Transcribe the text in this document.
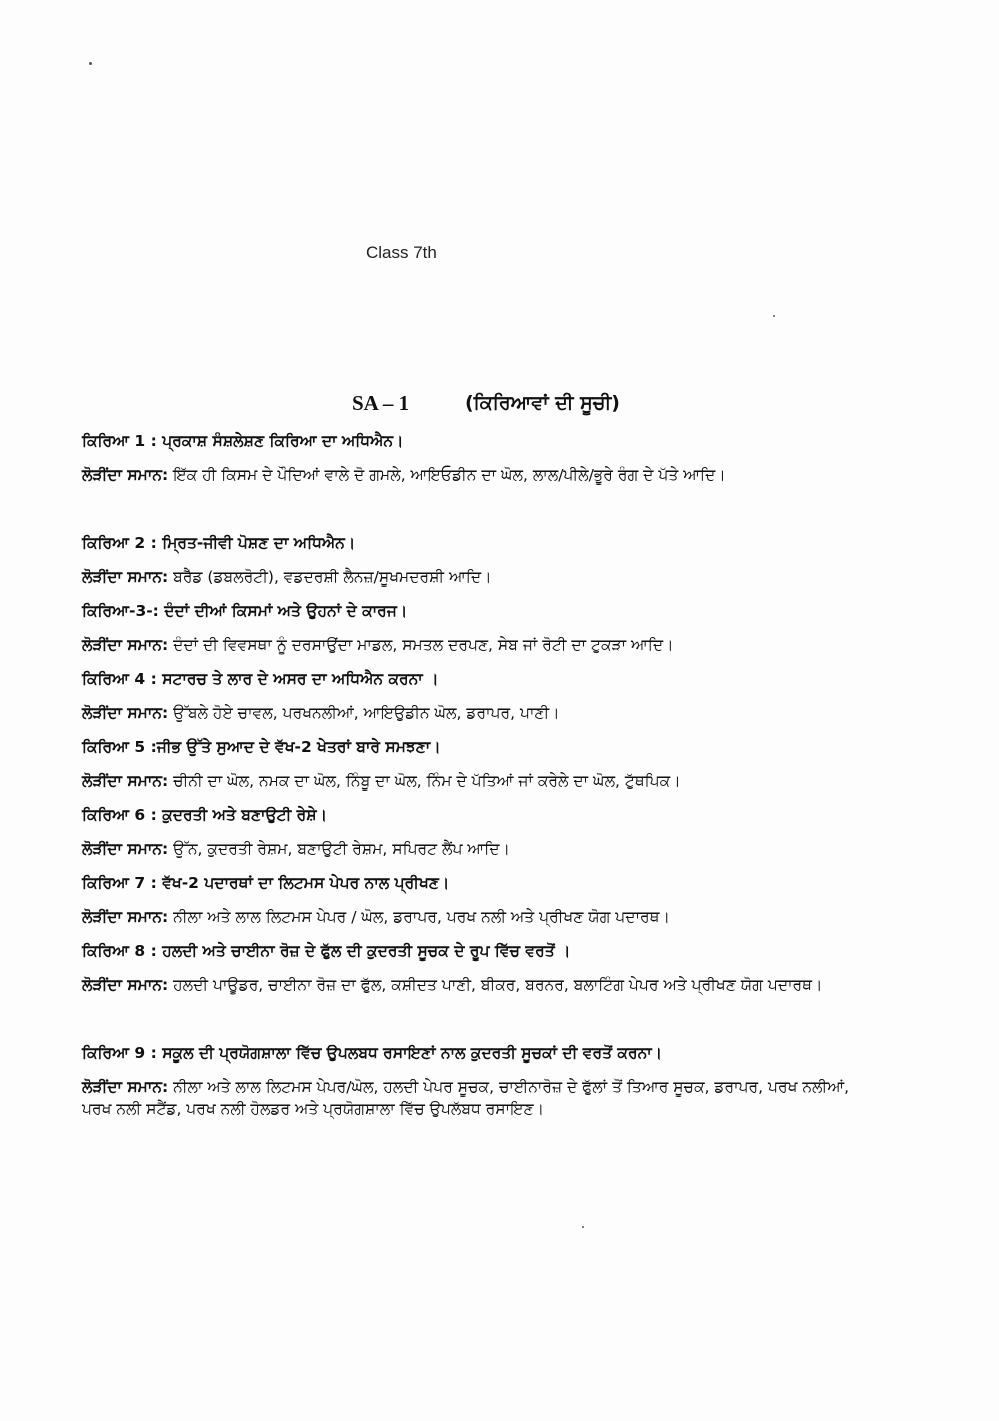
Class 7th
SA – 1	(ਕਿਰਿਆਵਾਂ ਦੀ ਸੂਚੀ)

ਕਿਰਿਆ 1 : ਪ੍ਰਕਾਸ਼ ਸੰਸ਼ਲੇਸ਼ਣ ਕਿਰਿਆ ਦਾ ਅਧਿਐਨ।

ਲੋੜੀਂਦਾ ਸਮਾਨ: ਇੱਕ ਹੀ ਕਿਸਮ ਦੇ ਪੌਦਿਆਂ ਵਾਲੇ ਦੋ ਗਮਲੇ, ਆਇਓਡੀਨ ਦਾ ਘੋਲ, ਲਾਲ/ਪੀਲੇ/ਭੂਰੇ ਰੰਗ ਦੇ ਪੱਤੇ ਆਦਿ।

ਕਿਰਿਆ 2 : ਮ੍ਰਿਤ-ਜੀਵੀ ਪੋਸ਼ਣ ਦਾ ਅਧਿਐਨ।

ਲੋੜੀਂਦਾ ਸਮਾਨ: ਬਰੈੱਡ (ਡਬਲਰੋਟੀ), ਵਡਦਰਸ਼ੀ ਲੈਨਜ਼/ਸੂਖਮਦਰਸ਼ੀ ਆਦਿ।

ਕਿਰਿਆ-3-: ਦੰਦਾਂ ਦੀਆਂ ਕਿਸਮਾਂ ਅਤੇ ਉਹਨਾਂ ਦੇ ਕਾਰਜ।

ਲੋੜੀਂਦਾ ਸਮਾਨ: ਦੰਦਾਂ ਦੀ ਵਿਵਸਥਾ ਨੂੰ ਦਰਸਾਉਂਦਾ ਮਾਡਲ, ਸਮਤਲ ਦਰਪਣ, ਸੇਬ ਜਾਂ ਰੋਟੀ ਦਾ ਟੁਕੜਾ ਆਦਿ।

ਕਿਰਿਆ 4 : ਸਟਾਰਚ ਤੇ ਲਾਰ ਦੇ ਅਸਰ ਦਾ ਅਧਿਐਨ ਕਰਨਾ ।

ਲੋੜੀਂਦਾ ਸਮਾਨ: ਉੱਬਲੇ ਹੋਏ ਚਾਵਲ, ਪਰਖਨਲੀਆਂ, ਆਇਉਡੀਨ ਘੋਲ, ਡਰਾਪਰ, ਪਾਣੀ।

ਕਿਰਿਆ 5 :ਜੀਭ ਉੱਤੇ ਸੁਆਦ ਦੇ ਵੱਖ-2 ਖੇਤਰਾਂ ਬਾਰੇ ਸਮਝਣਾ।

ਲੋੜੀਂਦਾ ਸਮਾਨ: ਚੀਨੀ ਦਾ ਘੋਲ, ਨਮਕ ਦਾ ਘੋਲ, ਨਿੰਬੂ ਦਾ ਘੋਲ, ਨਿੰਮ ਦੇ ਪੱਤਿਆਂ ਜਾਂ ਕਰੇਲੇ ਦਾ ਘੋਲ, ਟੁੱਥਪਿਕ।

ਕਿਰਿਆ 6 : ਕੁਦਰਤੀ ਅਤੇ ਬਣਾਉਟੀ ਰੇਸ਼ੇ।

ਲੋੜੀਂਦਾ ਸਮਾਨ: ਉੱਨ, ਕੁਦਰਤੀ ਰੇਸ਼ਮ, ਬਣਾਉਟੀ ਰੇਸ਼ਮ, ਸਪਿਰਟ ਲੈਂਪ ਆਦਿ।

ਕਿਰਿਆ 7 : ਵੱਖ-2 ਪਦਾਰਥਾਂ ਦਾ ਲਿਟਮਸ ਪੇਪਰ ਨਾਲ ਪ੍ਰੀਖਣ।

ਲੋੜੀਂਦਾ ਸਮਾਨ: ਨੀਲਾ ਅਤੇ ਲਾਲ ਲਿਟਮਸ ਪੇਪਰ / ਘੋਲ, ਡਰਾਪਰ, ਪਰਖ ਨਲੀ ਅਤੇ ਪ੍ਰੀਖਣ ਯੋਗ ਪਦਾਰਥ।

ਕਿਰਿਆ 8 : ਹਲਦੀ ਅਤੇ ਚਾਈਨਾ ਰੋਜ਼ ਦੇ ਫੁੱਲ ਦੀ ਕੁਦਰਤੀ ਸੂਚਕ ਦੇ ਰੂਪ ਵਿੱਚ ਵਰਤੋਂ ।

ਲੋੜੀਂਦਾ ਸਮਾਨ: ਹਲਦੀ ਪਾਊਡਰ, ਚਾਈਨਾ ਰੋਜ਼ ਦਾ ਫੁੱਲ, ਕਸ਼ੀਦਤ ਪਾਣੀ, ਬੀਕਰ, ਬਰਨਰ, ਬਲਾਟਿੰਗ ਪੇਪਰ ਅਤੇ ਪ੍ਰੀਖਣ ਯੋਗ ਪਦਾਰਥ।

ਕਿਰਿਆ 9 : ਸਕੂਲ ਦੀ ਪ੍ਰਯੋਗਸ਼ਾਲਾ ਵਿੱਚ ਉਪਲਬਧ ਰਸਾਇਣਾਂ ਨਾਲ ਕੁਦਰਤੀ ਸੂਚਕਾਂ ਦੀ ਵਰਤੋਂ ਕਰਨਾ।

ਲੋੜੀਂਦਾ ਸਮਾਨ: ਨੀਲਾ ਅਤੇ ਲਾਲ ਲਿਟਮਸ ਪੇਪਰ/ਘੋਲ, ਹਲਦੀ ਪੇਪਰ ਸੂਚਕ, ਚਾਈਨਾਰੋਜ਼ ਦੇ ਫੁੱਲਾਂ ਤੋਂ ਤਿਆਰ ਸੂਚਕ, ਡਰਾਪਰ, ਪਰਖ ਨਲੀਆਂ, ਪਰਖ ਨਲੀ ਸਟੈਂਡ, ਪਰਖ ਨਲੀ ਹੋਲਡਰ ਅਤੇ ਪ੍ਰਯੋਗਸ਼ਾਲਾ ਵਿੱਚ ਉਪਲੱਬਧ ਰਸਾਇਣ।
